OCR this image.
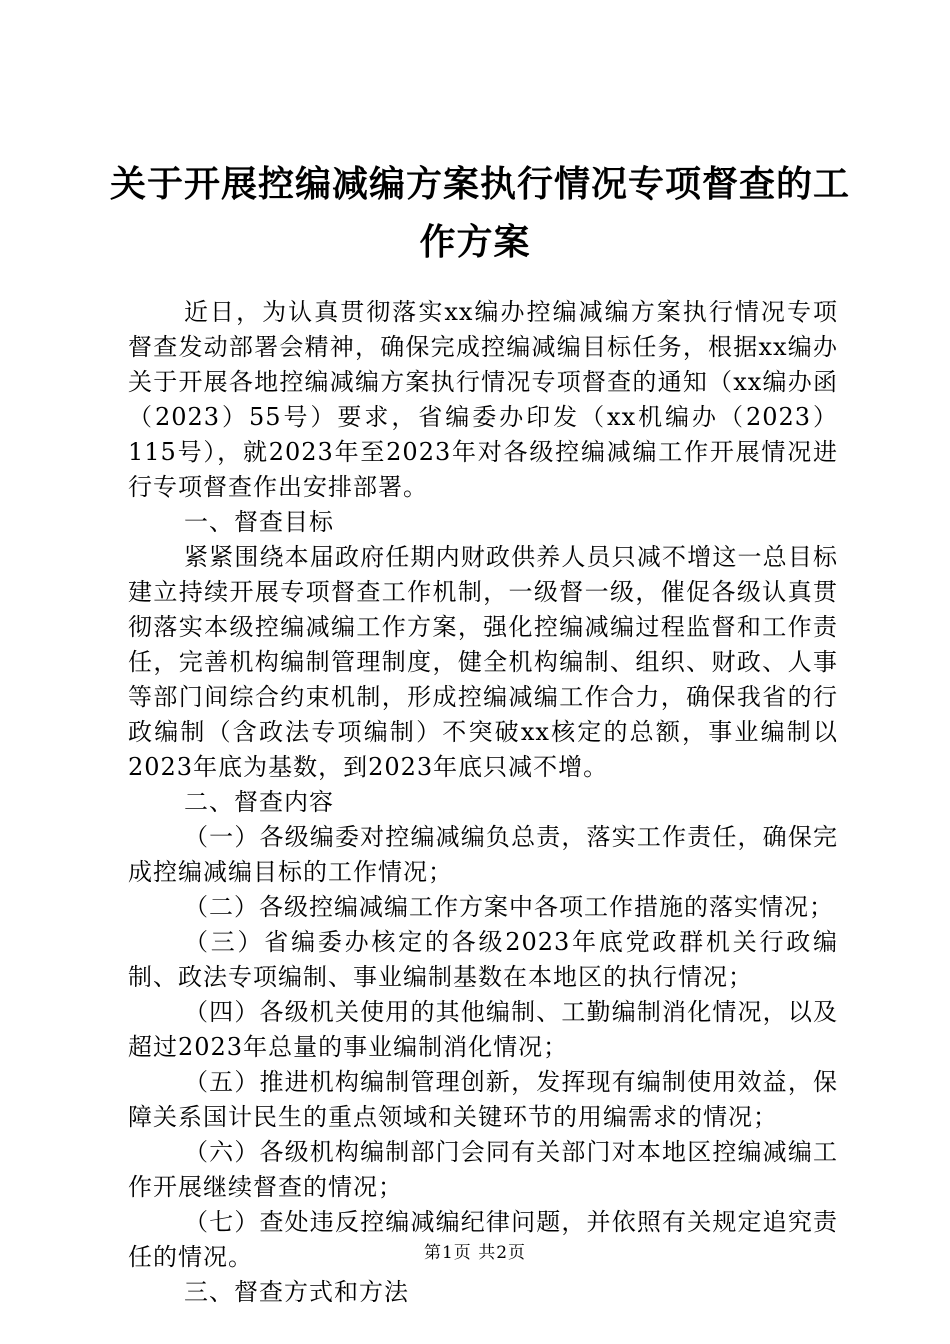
关于开展控编减编方案执行情况专项督查的工
作方案

近日，为认真贯彻落实xx编办控编减编方案执行情况专项督查发动部署会精神，确保完成控编减编目标任务，根据xx编办关于开展各地控编减编方案执行情况专项督查的通知（xx编办函（2023）55号）要求，省编委办印发（xx机编办（2023）115号），就2023年至2023年对各级控编减编工作开展情况进行专项督查作出安排部署。

一、督查目标

紧紧围绕本届政府任期内财政供养人员只减不增这一总目标建立持续开展专项督查工作机制，一级督一级，催促各级认真贯彻落实本级控编减编工作方案，强化控编减编过程监督和工作责任，完善机构编制管理制度，健全机构编制、组织、财政、人事等部门间综合约束机制，形成控编减编工作合力，确保我省的行政编制（含政法专项编制）不突破xx核定的总额，事业编制以2023年底为基数，到2023年底只减不增。

二、督查内容

（一）各级编委对控编减编负总责，落实工作责任，确保完成控编减编目标的工作情况；

（二）各级控编减编工作方案中各项工作措施的落实情况；

（三）省编委办核定的各级2023年底党政群机关行政编制、政法专项编制、事业编制基数在本地区的执行情况；

（四）各级机关使用的其他编制、工勤编制消化情况，以及超过2023年总量的事业编制消化情况；

（五）推进机构编制管理创新，发挥现有编制使用效益，保障关系国计民生的重点领域和关键环节的用编需求的情况；

（六）各级机构编制部门会同有关部门对本地区控编减编工作开展继续督查的情况；

（七）查处违反控编减编纪律问题，并依照有关规定追究责任的情况。

三、督查方式和方法

第1页 共2页
